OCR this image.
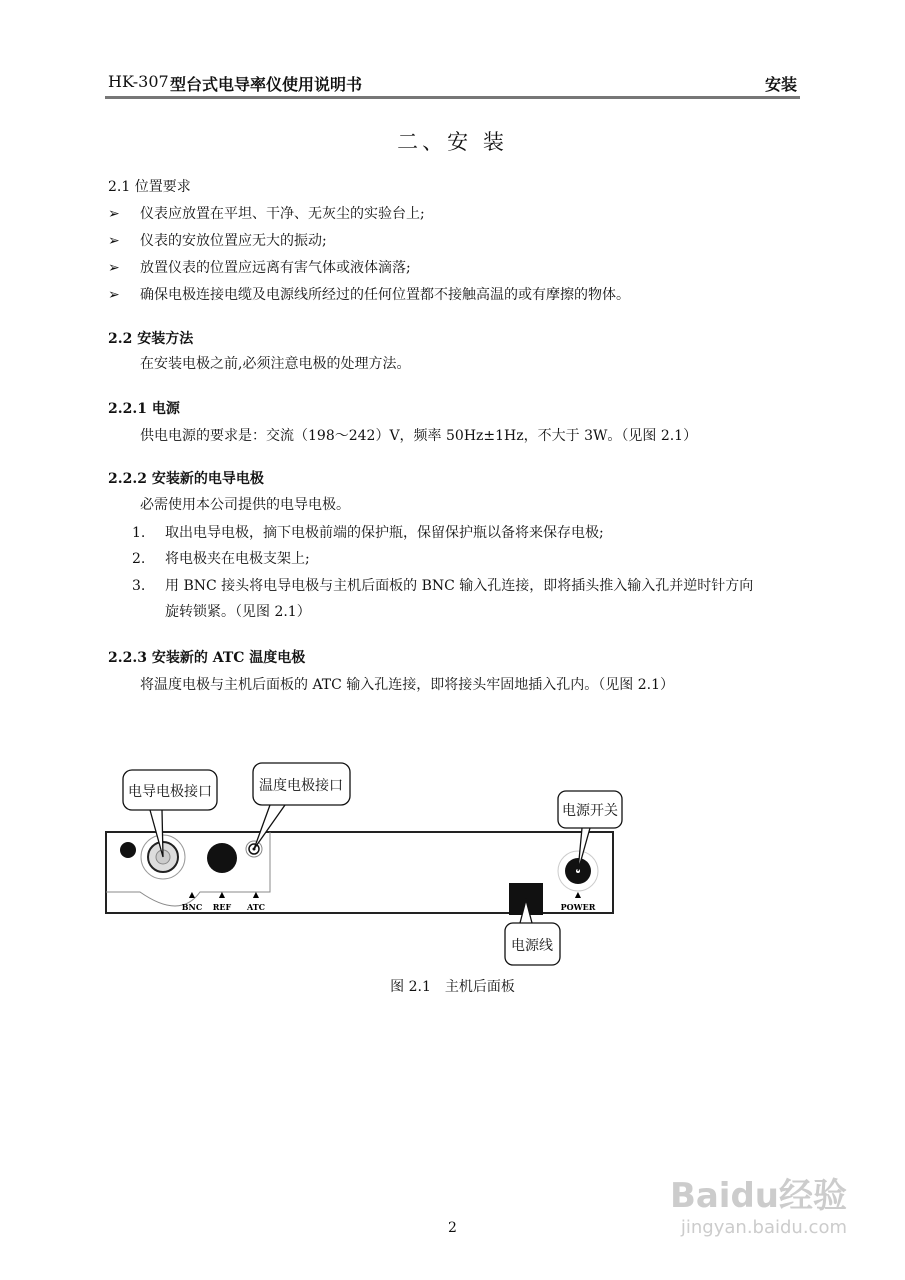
HK-307 型台式电导率仪使用说明书	安装
二、安 装
2.1 位置要求
➢ 仪表应放置在平坦、干净、无灰尘的实验台上;
➢ 仪表的安放位置应无大的振动;
➢ 放置仪表的位置应远离有害气体或液体滴落;
➢ 确保电极连接电缆及电源线所经过的任何位置都不接触高温的或有摩擦的物体。
2.2 安装方法
在安装电极之前,必须注意电极的处理方法。
2.2.1 电源
供电电源的要求是：交流（198～242）V，频率 50Hz±1Hz，不大于 3W。（见图 2.1）
2.2.2 安装新的电导电极
必需使用本公司提供的电导电极。
1. 取出电导电极，摘下电极前端的保护瓶，保留保护瓶以备将来保存电极;
2. 将电极夹在电极支架上;
3. 用 BNC 接头将电导电极与主机后面板的 BNC 输入孔连接，即将插头推入输入孔并逆时针方向
旋转锁紧。（见图 2.1）
2.2.3 安装新的 ATC 温度电极
将温度电极与主机后面板的 ATC 输入孔连接，即将接头牢固地插入孔内。（见图 2.1）
▲	▲	▲	▲
BNC REF ATC	POWER
电导电极接口	温度电极接口
电源开关
电源线
图 2.1　主机后面板
2
Baidu经验
jingyan.baidu.com
